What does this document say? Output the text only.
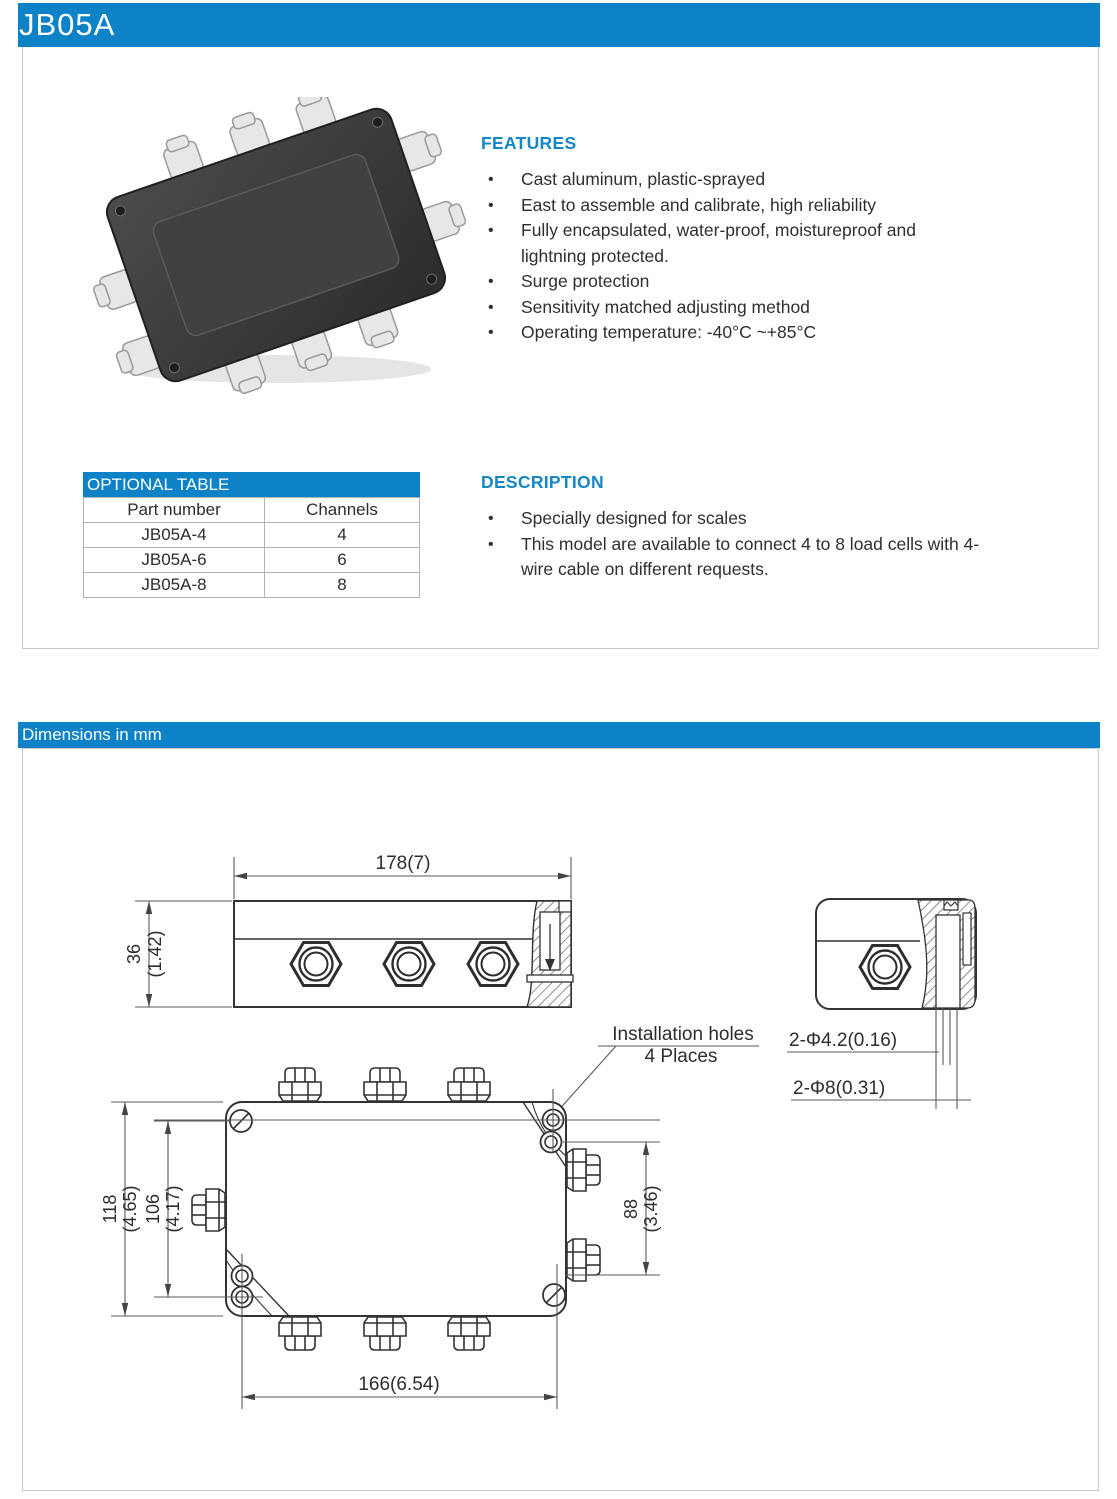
JB05A
FEATURES
• Cast aluminum, plastic-sprayed
• East to assemble and calibrate, high reliability
• Fully encapsulated, water-proof, moistureproof and lightning protected.
• Surge protection
• Sensitivity matched adjusting method
• Operating temperature: -40°C ~+85°C
OPTIONAL TABLE
Part number	Channels
JB05A-4	4
JB05A-6	6
JB05A-8	8
DESCRIPTION
• Specially designed for scales
• This model are available to connect 4 to 8 load cells with 4-wire cable on different requests.
Dimensions in mm
178(7)
36 (1.42)
2-Φ4.2(0.16)
2-Φ8(0.31)
Installation holes
4 Places
118 (4.65) 106 (4.17)	88 (3.46)
166(6.54)
